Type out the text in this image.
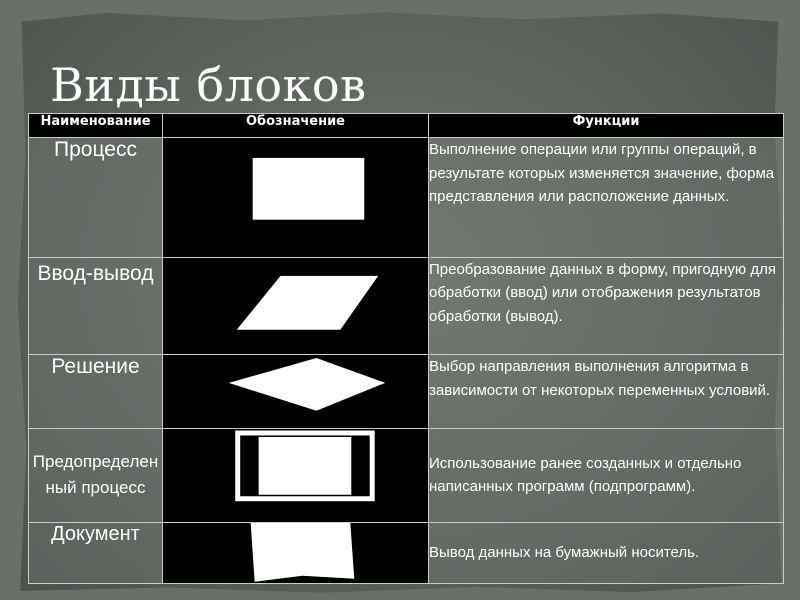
Виды блоков
Наименование	Обозначение	Функции
Процесс		Выполнение операции или группы операций, в результате которых изменяется значение, форма представления или расположение данных.
Ввод-вывод		Преобразование данных в форму, пригодную для обработки (ввод) или отображения результатов обработки (вывод).
Решение		Выбор направления выполнения алгоритма в зависимости от некоторых переменных условий.
Предопределенный процесс		Использование ранее созданных и отдельно написанных программ (подпрограмм).
Документ		Вывод данных на бумажный носитель.
